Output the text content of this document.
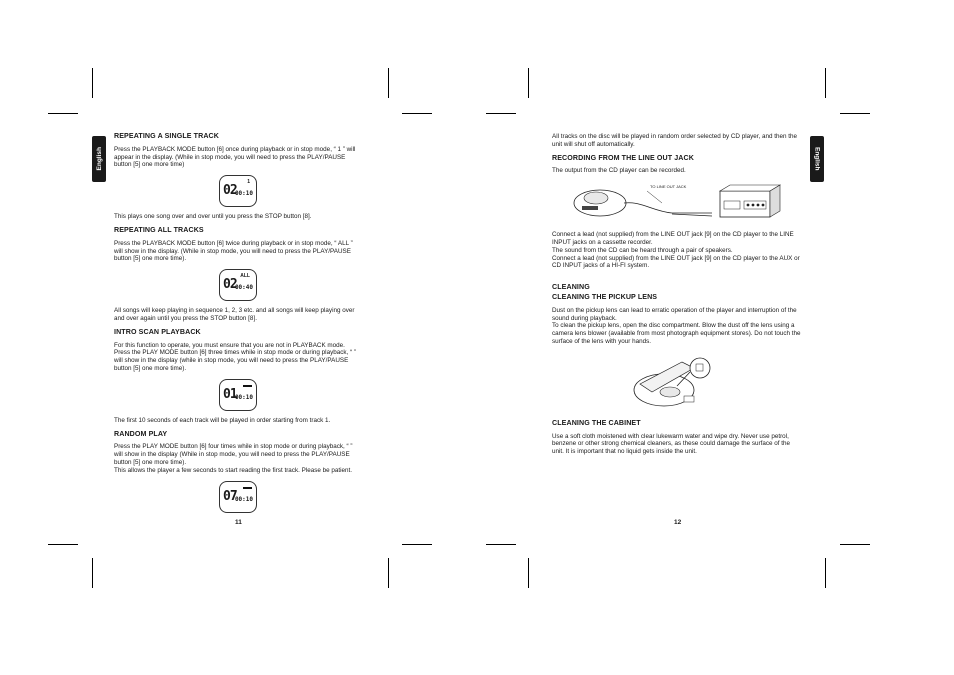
English
REPEATING A SINGLE TRACK
Press the PLAYBACK MODE button [6] once during playback or in stop mode, “ 1 ” will appear in the display. (While in stop mode, you will need to press the PLAY/PAUSE button [5] one more time)
1
02
00:10
This plays one song over and over until you press the STOP button [8].
REPEATING ALL TRACKS
Press the PLAYBACK MODE button [6] twice during playback or in stop mode, “ ALL ” will show in the display. (While in stop mode, you will need to press the PLAY/PAUSE button [5] one more time).
ALL
02
00:40
All songs will keep playing in sequence 1, 2, 3 etc. and all songs will keep playing over and over again until you press the STOP button [8].
INTRO SCAN PLAYBACK
For this function to operate, you must ensure that you are not in PLAYBACK mode.
Press the PLAY MODE button [6] three times while in stop mode or during playback, “ ” will show in the display (while in stop mode, you will need to press the PLAY/PAUSE button [5] one more time).
01
00:10
The first 10 seconds of each track will be played in order starting from track 1.
RANDOM PLAY
Press the PLAY MODE button [6] four times while in stop mode or during playback, “ ” will show in the display (While in stop mode, you will need to press the PLAY/PAUSE button [5] one more time).
This allows the player a few seconds to start reading the first track. Please be patient.
07
00:10
11
English
All tracks on the disc will be played in random order selected by CD player, and then the unit will shut off automatically.
RECORDING FROM THE LINE OUT JACK
The output from the CD player can be recorded.
TO LINE OUT JACK
Connect a lead (not supplied) from the LINE OUT jack [9] on the CD player to the LINE INPUT jacks on a cassette recorder.
The sound from the CD can be heard through a pair of speakers.
Connect a lead (not supplied) from the LINE OUT jack [9] on the CD player to the AUX or CD INPUT jacks of a HI-FI system.
CLEANING
CLEANING THE PICKUP LENS
Dust on the pickup lens can lead to erratic operation of the player and interruption of the sound during playback.
To clean the pickup lens, open the disc compartment. Blow the dust off the lens using a camera lens blower (available from most photograph equipment stores). Do not touch the surface of the lens with your hands.
CLEANING THE CABINET
Use a soft cloth moistened with clear lukewarm water and wipe dry. Never use petrol, benzene or other strong chemical cleaners, as these could damage the surface of the unit. It is important that no liquid gets inside the unit.
12
